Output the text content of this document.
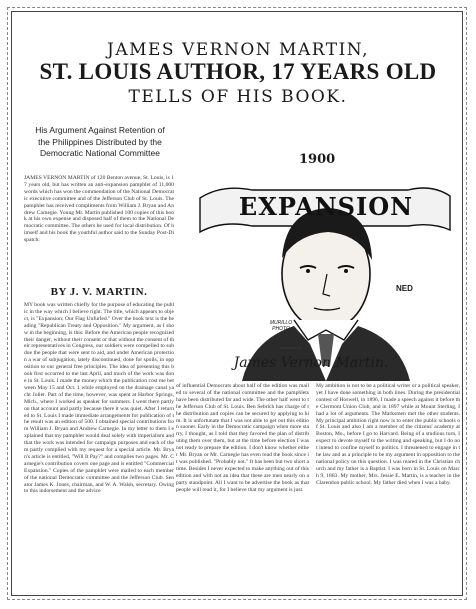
JAMES VERNON MARTIN,
ST. LOUIS AUTHOR, 17 YEARS OLD
TELLS OF HIS BOOK.
His Argument Against Retention of the Philippines Distributed by the Democratic National Committee
JAMES VERNON MARTIN of 120 Benton avenue, St. Louis, is 17 years old, but has written an anti-expansion pamphlet of 11,000 words which has won the commendation of the National Democratic executive committee and of the Jefferson Club of St. Louis. The pamphlet has received compliments from William J. Bryan and Andrew Carnegie. Young Mr. Martin published 100 copies of this book at his own expense and disposed half of them to the National Democratic committee. The others he used for local distribution. Of himself and his book the youthful author said to the Sunday Post-Dispatch:
BY J. V. MARTIN.
MY book was written chiefly for the purpose of educating the public in the way which I believe right. The title, which appears to object, is "Expansion; Our Flag Unfurled." Over the book text is the heading "Republican Treaty and Opposition." My argument, as I show in the beginning, is this: Before the American people recognized their danger, without their consent or that without the consent of their representatives in Congress, our soldiers were compelled to subdue the people that were sent to aid, and under American protection a war of subjugation, lately discontinued, done for spoils, in opposition to our general free principles. The idea of presenting this book first occurred to me last April, and much of the work was done in St. Louis. I made the money which the publication cost me between May 15 and Oct. 1 while employed on the drainage canal yacht Joliet. Part of the time, however, was spent at Harbor Springs, Mich., where I worked as speaker for summers. I went there partly on that account and partly because there it was quiet. After I returned to St. Louis I made immediate arrangements for publication of the result was an edition of 500. I obtained special contributions from William J. Bryan and Andrew Carnegie. In my letter to them I explained that my pamphlet would deal solely with imperialism and that the work was intended for campaign purposes and each of them partly complied with my request for a special article. Mr. Bryan's article is entitled, "Will It Pay?" and complies two pages. Mr. Carnegie's contribution covers one page and is entitled "Commercial Expansion." Copies of the pamphlet were mailed to each member of the national Democratic committee and the Jefferson Club. Senator James K. Jones, chairman, and W. A. Walsh, secretary. Owing to this indorsement and the advice
1900
EXPANSION
NED
MURILLO PHOTO
James Vernon Martin.
of influential Democrats about half of the edition was mailed to several of the national committee and the pamphlets have been distributed far and wide. The other half went to the Jefferson Club of St. Louis. Ben Sebrich has charge of the distribution and copies can be secured by applying to him. It is unfortunate that I was not able to get out this edition sooner. Early in the Democratic campaign when more starry, I thought, as I told that they favored the plan of distributing them over them, but at the time before election I was not ready to prepare the edition. I don't know whether either Mr. Bryan or Mr. Carnegie has even read the book since it was published. "Probably not." It has been but two short a time. Besides I never expected to make anything out of this edition and with not an idea that these are men nearly on a party standpoint. All I want to be advertise the book as that people will read it, for I believe that my argument is just.
My ambition is not to be a political writer or a political speaker, yet I have done something in both lines. During the presidential contest of Hoswell, in 1896, I made a speech against it before the Clermont Union Club, and in 1897 while at Mount Sterling, I had a lot of arguments. The Marksmen met the other students. My principal ambition right now is to enter the public schools of St. Louis and also I am a member of the citizens' academy at Boston, Mo., before I go to Harvard. Being of a studious turn, I expect to devote myself to the writing and speaking, but I do not intend to confine myself to politics. I threatened to engage in the law and as a principle to be my argument in opposition to the national policy on this question. I was reared in the Christian church and my father is a Baptist. I was born in St. Louis on March 9, 1883. My mother, Mrs. Jessie E. Martin, is a teacher in the Clarendon public school. My father died when I was a baby.
